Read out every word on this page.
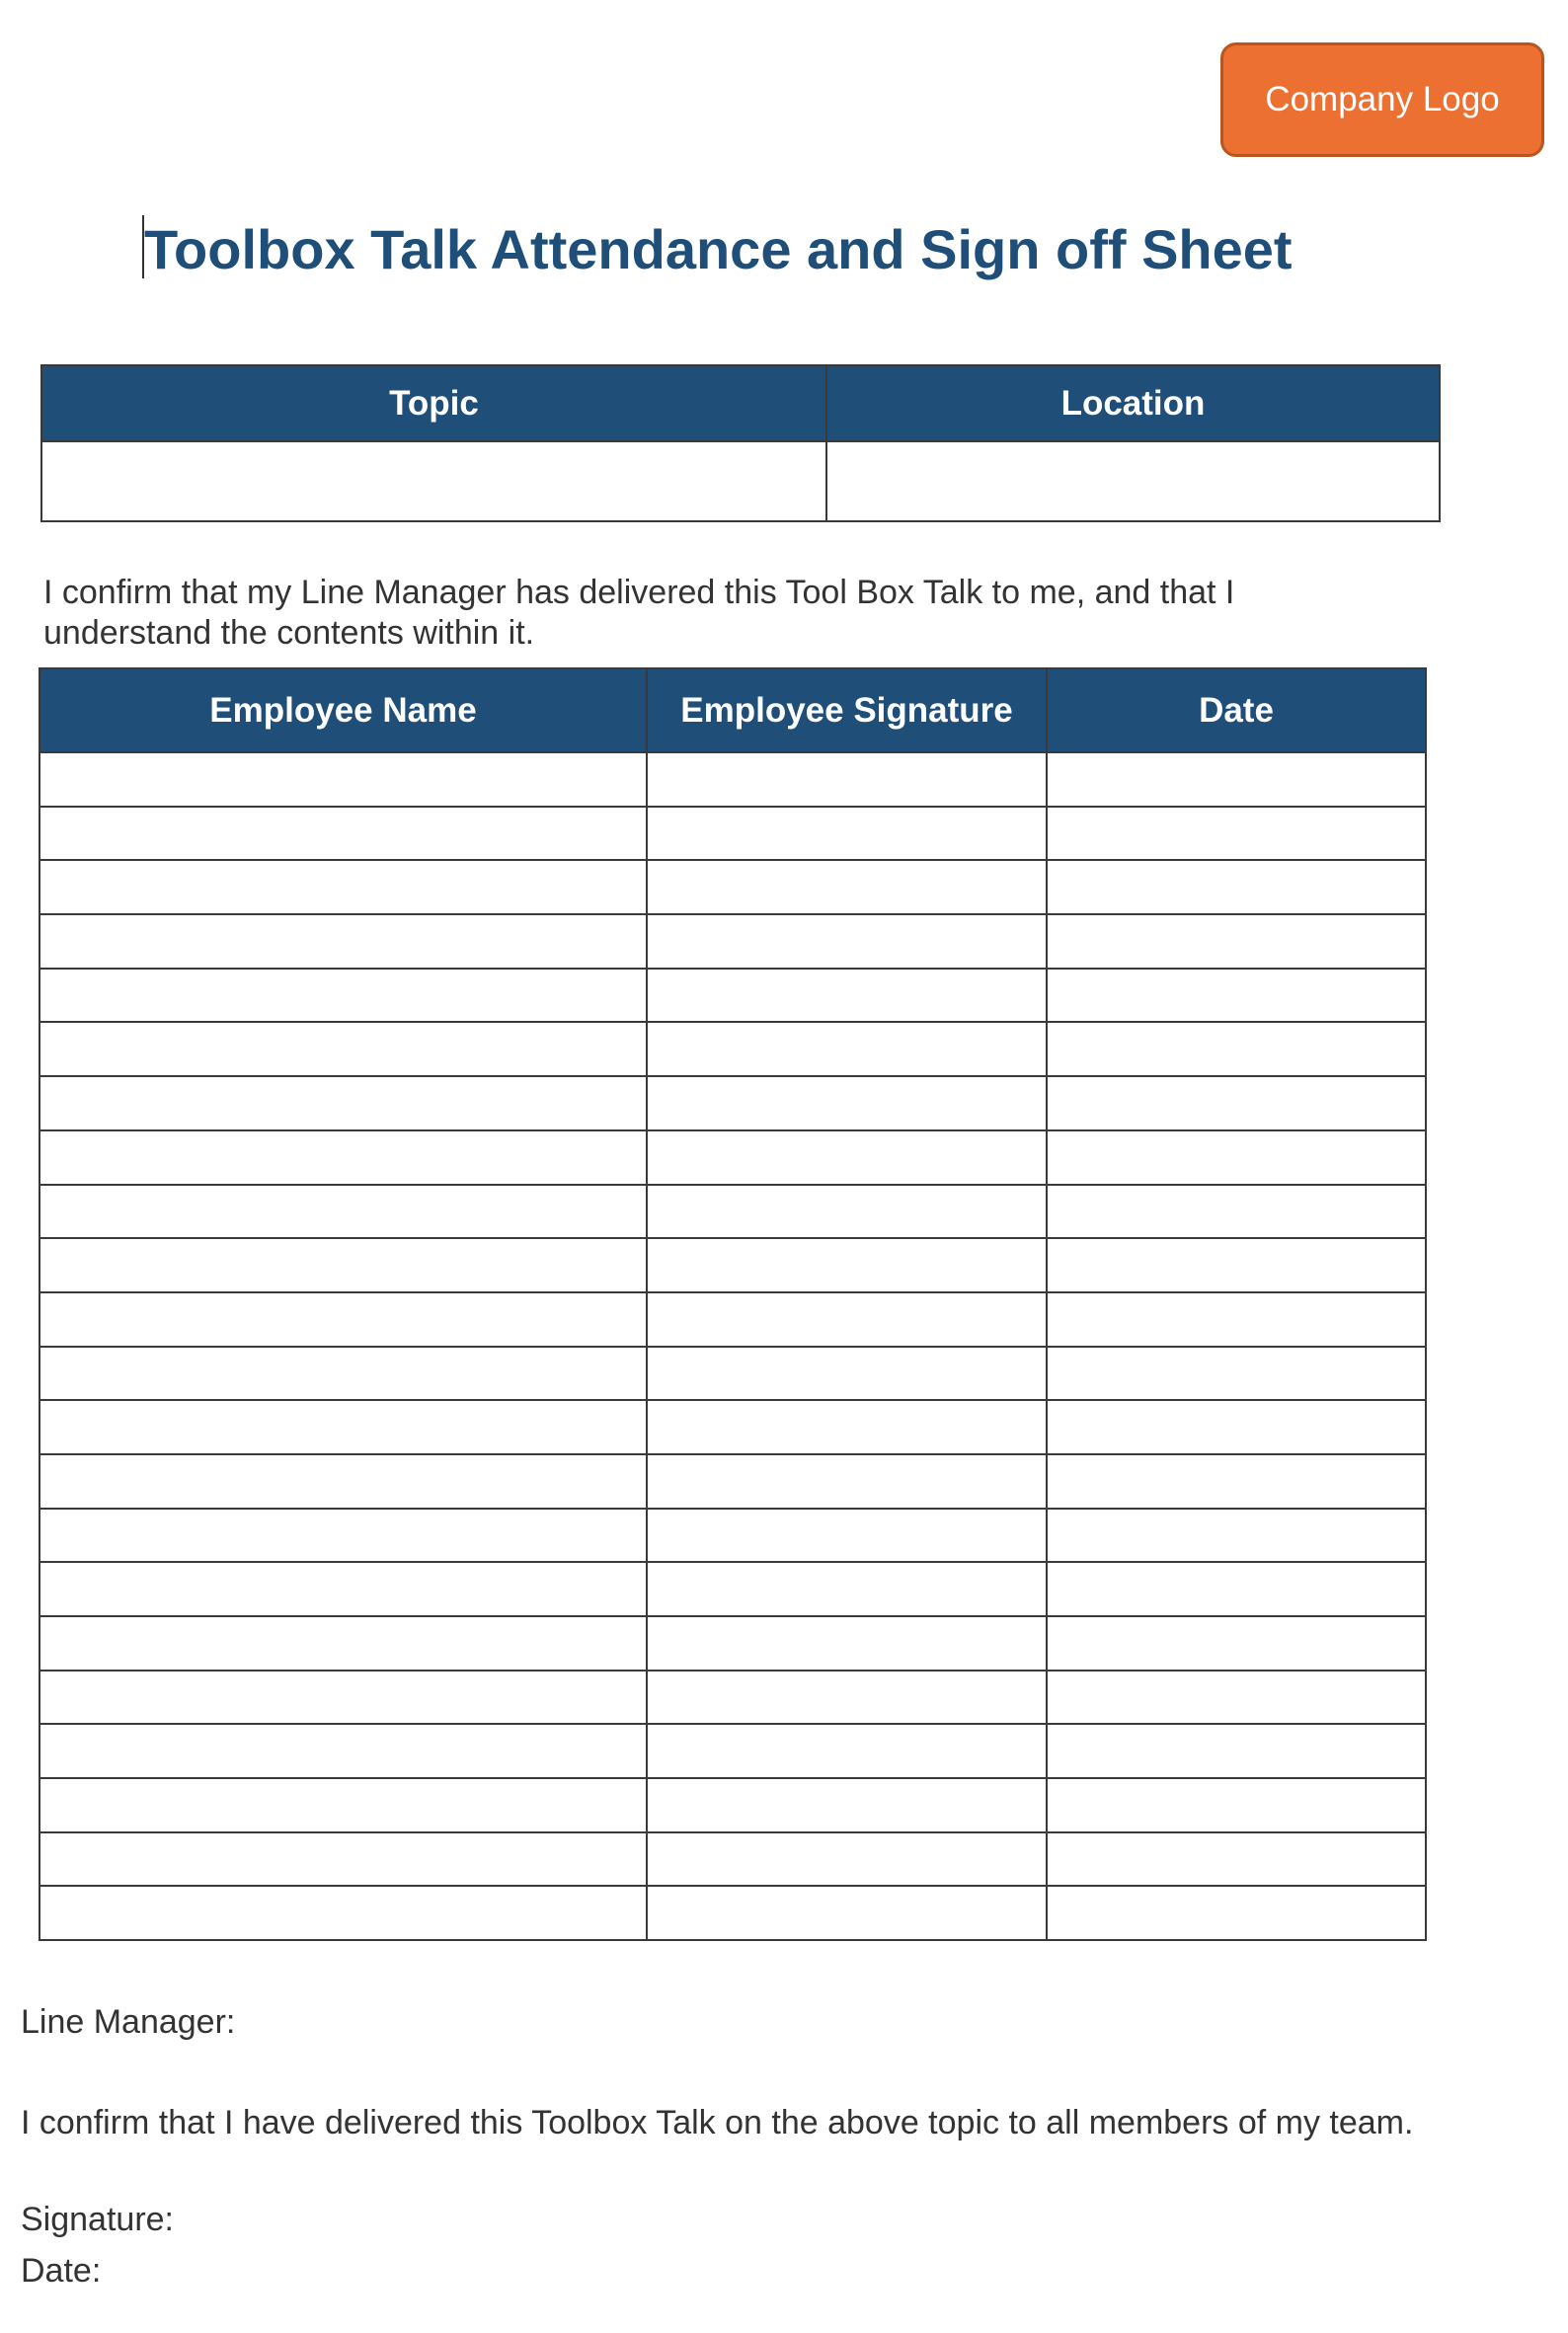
Company Logo
Toolbox Talk Attendance and Sign off Sheet
Topic	Location

I confirm that my Line Manager has delivered this Tool Box Talk to me, and that I understand the contents within it.

Employee Name	Employee Signature	Date

Line Manager:

I confirm that I have delivered this Toolbox Talk on the above topic to all members of my team.

Signature:

Date:
